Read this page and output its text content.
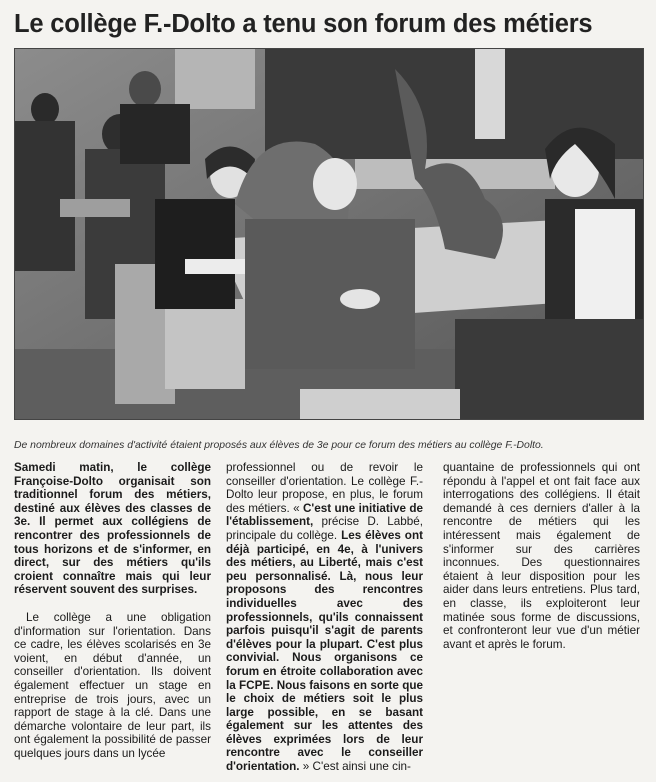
Le collège F.-Dolto a tenu son forum des métiers
De nombreux domaines d'activité étaient proposés aux élèves de 3e pour ce forum des métiers au collège F.-Dolto.

Samedi matin, le collège Françoise-Dolto organisait son traditionnel forum des métiers, destiné aux élèves des classes de 3e. Il permet aux collégiens de rencontrer des professionnels de tous horizons et de s'informer, en direct, sur des métiers qu'ils croient connaître mais qui leur réservent souvent des surprises.

Le collège a une obligation d'information sur l'orientation. Dans ce cadre, les élèves scolarisés en 3e voient, en début d'année, un conseiller d'orientation. Ils doivent également effectuer un stage en entreprise de trois jours, avec un rapport de stage à la clé. Dans une démarche volontaire de leur part, ils ont également la possibilité de passer quelques jours dans un lycée

professionnel ou de revoir le conseiller d'orientation. Le collège F.-Dolto leur propose, en plus, le forum des métiers. « C'est une initiative de l'établissement, précise D. Labbé, principale du collège. Les élèves ont déjà participé, en 4e, à l'univers des métiers, au Liberté, mais c'est peu personnalisé. Là, nous leur proposons des rencontres individuelles avec des professionnels, qu'ils connaissent parfois puisqu'il s'agit de parents d'élèves pour la plupart. C'est plus convivial. Nous organisons ce forum en étroite collaboration avec la FCPE. Nous faisons en sorte que le choix de métiers soit le plus large possible, en se basant également sur les attentes des élèves exprimées lors de leur rencontre avec le conseiller d'orientation. » C'est ainsi une cin-

quantaine de professionnels qui ont répondu à l'appel et ont fait face aux interrogations des collégiens. Il était demandé à ces derniers d'aller à la rencontre de métiers qui les intéressent mais également de s'informer sur des carrières inconnues. Des questionnaires étaient à leur disposition pour les aider dans leurs entretiens. Plus tard, en classe, ils exploiteront leur matinée sous forme de discussions, et confronteront leur vue d'un métier avant et après le forum.
